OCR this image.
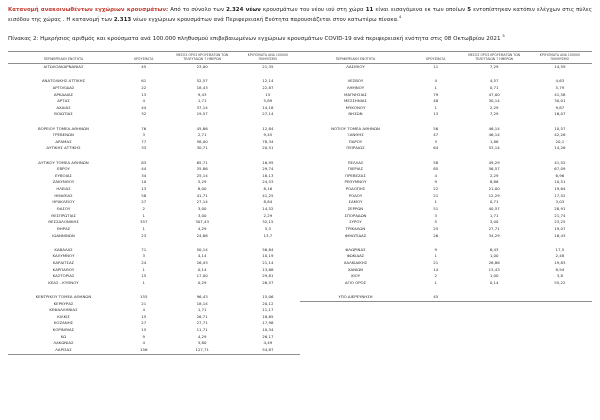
Κατανομή ανακοινωθέντων εγχώριων κρουσμάτων: Από το σύνολο των 2.324 νέων κρουσμάτων του νέου ιού στη χώρα 11 είναι εισαγόμενα εκ των οποίων 5 εντοπίστηκαν κατόπιν ελέγχων στις πύλες εισόδου της χώρας . Η κατανομή των 2.313 νέων εγχώριων κρουσμάτων ανά Περιφερειακή Ενότητα παρουσιάζεται στον κατωτέρω πίνακα.$^4$

Πίνακας 2: Ημερήσιος αριθμός και κρούσματα ανά 100.000 πληθυσμού επιβεβαιωμένων εγχώριων κρουσμάτων COVID-19 ανά περιφερειακή ενότητα στις 08 Οκτωβρίου 2021 $^5$

ΠΕΡΙΦΕΡΕΙΑΚΗ ΕΝΟΤΗΤΑ	ΚΡΟΥΣΜΑΤΑ	ΜΕΣΟΣ ΟΡΟΣ ΚΡΟΥΣΜΑΤΩΝ ΤΩΝ
ΤΕΛΕΥΤΑΙΩΝ 7 ΗΜΕΡΩΝ	ΚΡΟΥΣΜΑΤΑ ΑΝΑ 100000
ΠΛΗΘΥΣΜΟ
ΑΙΤΩΛΟΑΚΑΡΝΑΝΙΑΣ	45	23,00	21,35

ΑΝΑΤΟΛΙΚΗΣ ΑΤΤΙΚΗΣ	61	52,57	12,14
ΑΡΓΟΛΙΔΑΣ	22	18,43	22,87
ΑΡΚΑΔΙΑΣ	13	9,43	15
ΑΡΤΑΣ	4	1,71	5,89
ΑΧΑΙΑΣ	44	37,14	14,18
ΒΟΙΩΤΙΑΣ	32	19,57	27,14

ΒΟΡΕΙΟΥ ΤΟΜΕΑ ΑΘΗΝΩΝ	76	45,86	12,84
ΓΡΕΒΕΝΩΝ	3	2,71	9,45
ΔΡΑΜΑΣ	77	58,00	78,34
ΔΥΤΙΚΗΣ ΑΤΤΙΚΗΣ	33	30,71	20,51

ΔΥΤΙΚΟΥ ΤΟΜΕΑ ΑΘΗΝΩΝ	83	65,71	16,95
ΕΒΡΟΥ	44	35,86	29,74
ΕΥΒΟΙΑΣ	34	25,14	16,13
ΖΑΚΥΝΘΟΥ	10	5,29	24,53
ΗΛΕΙΑΣ	13	8,00	8,16
ΗΜΑΘΙΑΣ	58	41,71	41,25
ΗΡΑΚΛΕΙΟΥ	27	27,14	8,84
ΘΑΣΟΥ	2	3,00	14,52
ΘΕΣΠΡΩΤΙΑΣ	1	3,00	2,29
ΘΕΣΣΑΛΟΝΙΚΗΣ	357	307,43	32,15
ΘΗΡΑΣ	1	4,29	5,3
ΙΩΑΝΝΙΝΩΝ	23	24,86	13,7

ΚΑΒΑΛΑΣ	71	50,14	56,84
ΚΑΛΥΜΝΟΥ	3	4,14	10,19
ΚΑΡΔΙΤΣΑΣ	24	26,43	21,14
ΚΑΡΠΑΘΟΥ	1	0,14	13,68
ΚΑΣΤΟΡΙΑΣ	15	17,00	29,81
ΚΕΑΣ - ΚΥΘΝΟΥ	1	0,29	26,57

ΚΕΝΤΡΙΚΟΥ ΤΟΜΕΑ ΑΘΗΝΩΝ	155	96,43	15,06
ΚΕΡΚΥΡΑΣ	21	18,14	20,12
ΚΕΦΑΛΛΗΝΙΑΣ	4	1,71	11,17
ΚΙΛΚΙΣ	15	26,71	18,65
ΚΟΖΑΝΗΣ	27	27,71	17,98
ΚΟΡΙΝΘΙΑΣ	15	11,71	10,34
ΚΩ	9	4,29	26,17
ΛΑΚΩΝΙΑΣ	4	5,80	4,49
ΛΑΡΙΣΑΣ	156	127,71	54,87
ΠΕΡΙΦΕΡΕΙΑΚΗ ΕΝΟΤΗΤΑ	ΚΡΟΥΣΜΑΤΑ	ΜΕΣΟΣ ΟΡΟΣ ΚΡΟΥΣΜΑΤΩΝ ΤΩΝ
ΤΕΛΕΥΤΑΙΩΝ 7 ΗΜΕΡΩΝ	ΚΡΟΥΣΜΑΤΑ ΑΝΑ 100000
ΠΛΗΘΥΣΜΟ
ΛΑΣΙΘΙΟΥ	11	7,29	14,59

ΛΕΣΒΟΥ	4	4,57	4,63
ΛΗΜΝΟΥ	1	0,71	5,79
ΜΑΓΝΗΣΙΑΣ	79	47,00	41,58
ΜΕΣΣΗΝΙΑΣ	48	30,14	30,01
ΜΥΚΟΝΟΥ	1	2,29	9,87
ΝΗΣΩΝ	13	7,29	16,07

ΝΟΤΙΟΥ ΤΟΜΕΑ ΑΘΗΝΩΝ	56	46,14	10,57
ΞΑΝΘΗΣ	47	46,14	42,26
ΠΑΡΟΥ	3	1,86	20,1
ΠΕΙΡΑΙΩΣ	64	53,14	14,26

ΠΕΛΛΑΣ	58	49,29	41,52
ΠΙΕΡΙΑΣ	85	56,57	67,09
ΠΡΕΒΕΖΑΣ	4	2,29	6,96
ΡΕΘΥΜΝΟΥ	9	8,86	10,51
ΡΟΔΟΠΗΣ	22	21,00	19,64
ΡΟΔΟΥ	21	12,29	17,52
ΣΑΜΟΥ	1	0,71	3,03
ΣΕΡΡΩΝ	51	40,57	28,91
ΣΠΟΡΑΔΩΝ	3	1,71	21,74
ΣΥΡΟΥ	5	3,00	23,25
ΤΡΙΚΑΛΩΝ	25	27,71	19,07
ΦΘΙΩΤΙΔΑΣ	26	34,29	16,43

ΦΛΩΡΙΝΑΣ	9	6,43	17,5
ΦΩΚΙΔΑΣ	1	1,00	2,48
ΧΑΛΚΙΔΙΚΗΣ	21	26,86	19,83
ΧΑΝΙΩΝ	14	13,43	8,94
ΧΙΟΥ	2	1,00	3,8
ΑΓΙΟ ΟΡΟΣ	1	0,14	55,22

ΥΠΟ ΔΙΕΡΕΥΝΗΣΗ	45		
